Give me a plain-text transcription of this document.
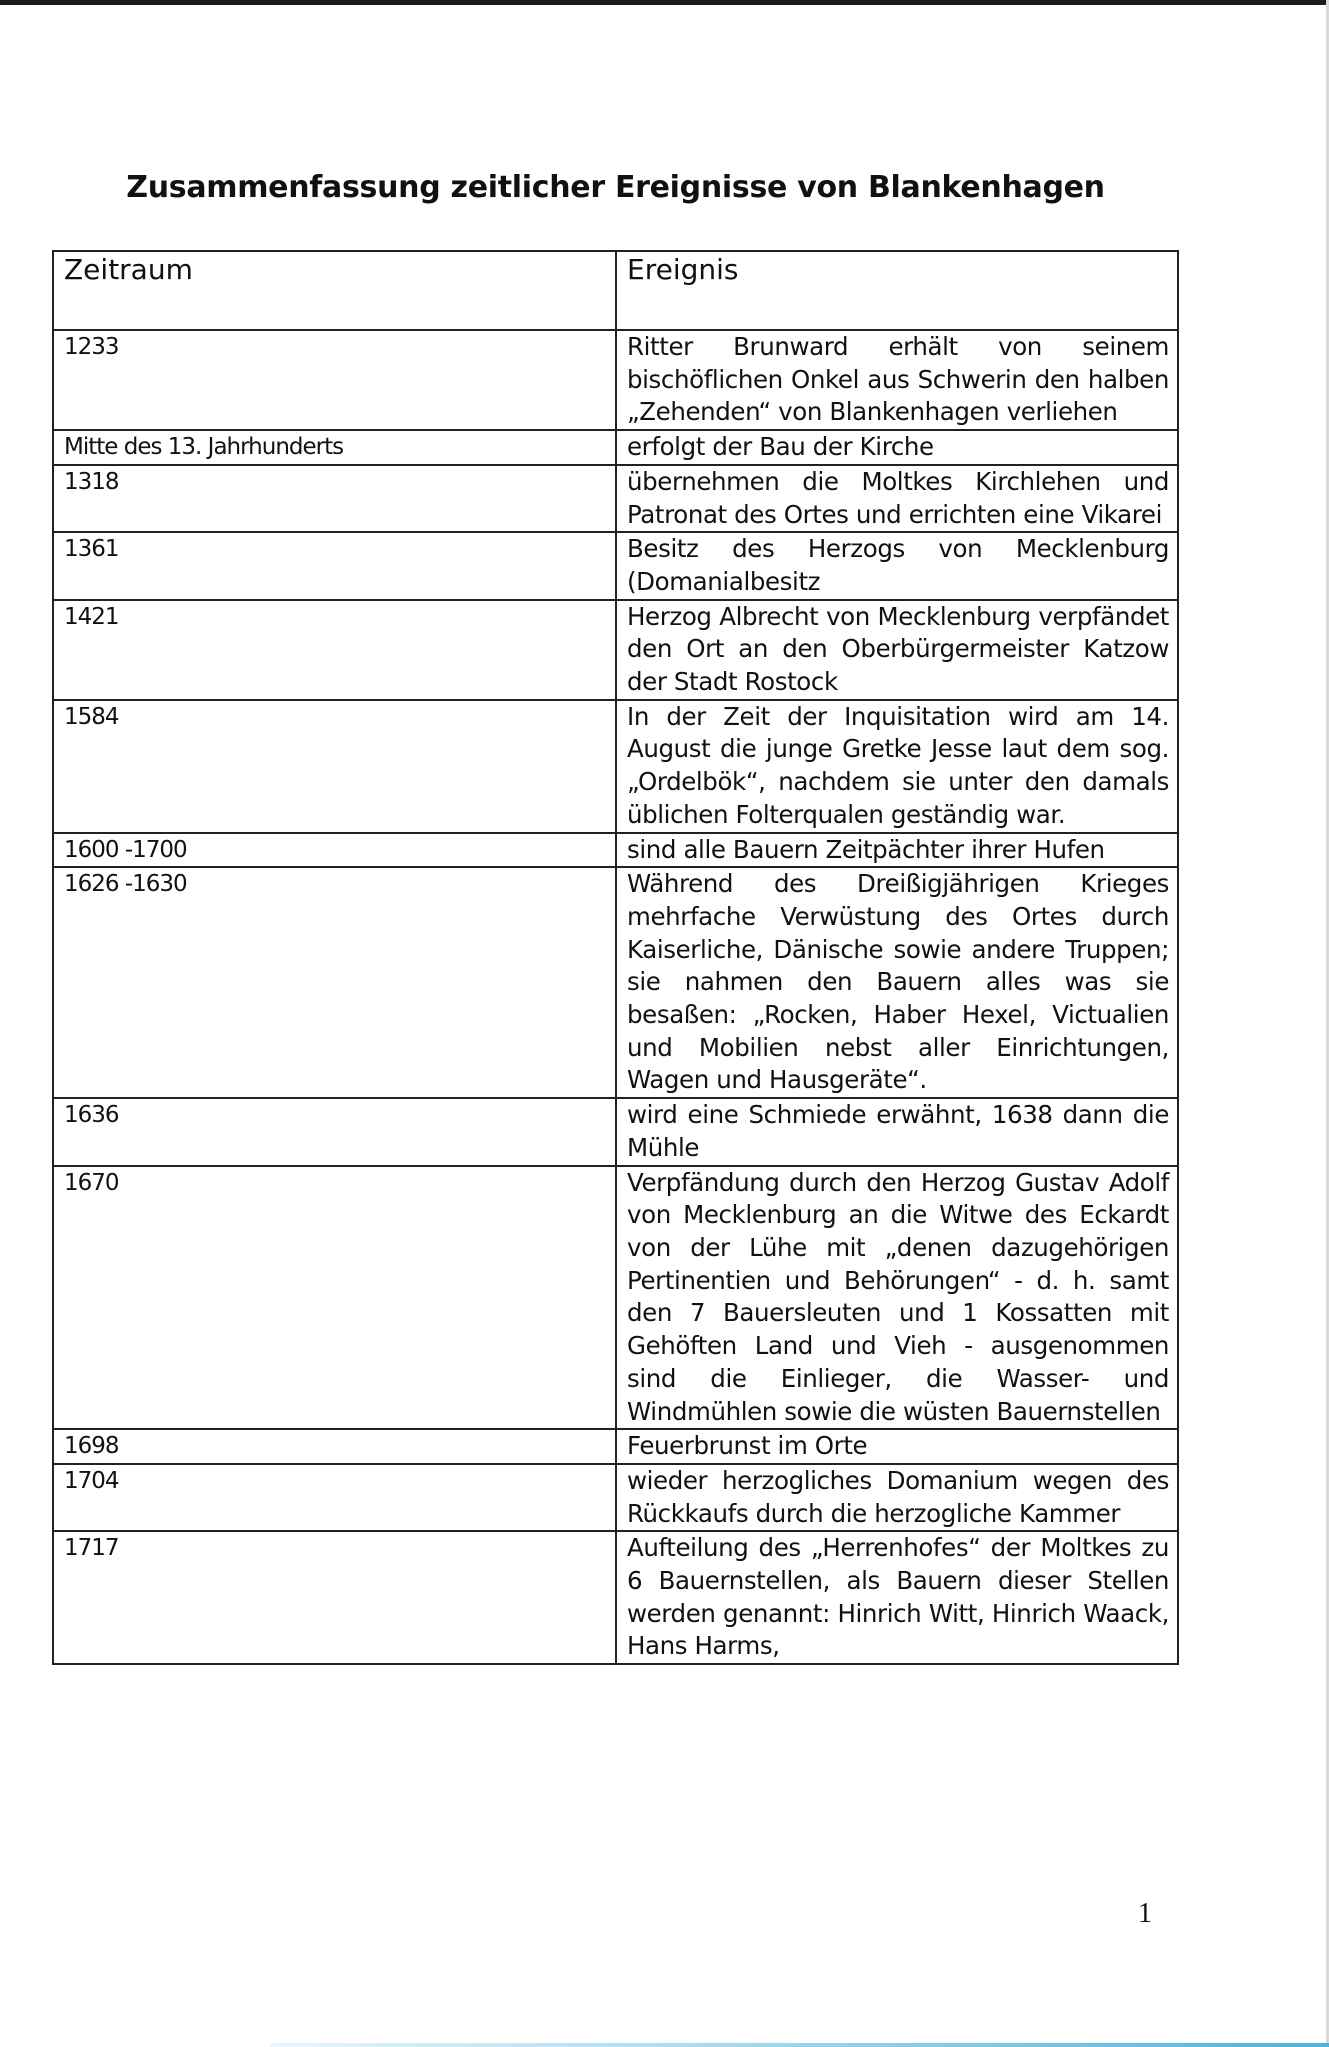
Zusammenfassung zeitlicher Ereignisse von Blankenhagen
Zeitraum	Ereignis
1233	Ritter Brunward erhält von seinem bischöflichen Onkel aus Schwerin den halben „Zehenden“ von Blankenhagen verliehen
Mitte des 13. Jahrhunderts	erfolgt der Bau der Kirche
1318	übernehmen die Moltkes Kirchlehen und Patronat des Ortes und errichten eine Vikarei
1361	Besitz des Herzogs von Mecklenburg (Domanialbesitz
1421	Herzog Albrecht von Mecklenburg verpfändet den Ort an den Oberbürgermeister Katzow der Stadt Rostock
1584	In der Zeit der Inquisitation wird am 14. August die junge Gretke Jesse laut dem sog. „Ordelbök“, nachdem sie unter den damals üblichen Folterqualen geständig war.
1600 -1700	sind alle Bauern Zeitpächter ihrer Hufen
1626 -1630	Während des Dreißigjährigen Krieges mehrfache Verwüstung des Ortes durch Kaiserliche, Dänische sowie andere Truppen; sie nahmen den Bauern alles was sie besaßen: „Rocken, Haber Hexel, Victualien und Mobilien nebst aller Einrichtungen, Wagen und Hausgeräte“.
1636	wird eine Schmiede erwähnt, 1638 dann die Mühle
1670	Verpfändung durch den Herzog Gustav Adolf von Mecklenburg an die Witwe des Eckardt von der Lühe mit „denen dazugehörigen Pertinentien und Behörungen“ - d. h. samt den 7 Bauersleuten und 1 Kossatten mit Gehöften Land und Vieh - ausgenommen sind die Einlieger, die Wasser- und Windmühlen sowie die wüsten Bauernstellen
1698	Feuerbrunst im Orte
1704	wieder herzogliches Domanium wegen des Rückkaufs durch die herzogliche Kammer
1717	Aufteilung des „Herrenhofes“ der Moltkes zu 6 Bauernstellen, als Bauern dieser Stellen werden genannt: Hinrich Witt, Hinrich Waack, Hans Harms,
1
